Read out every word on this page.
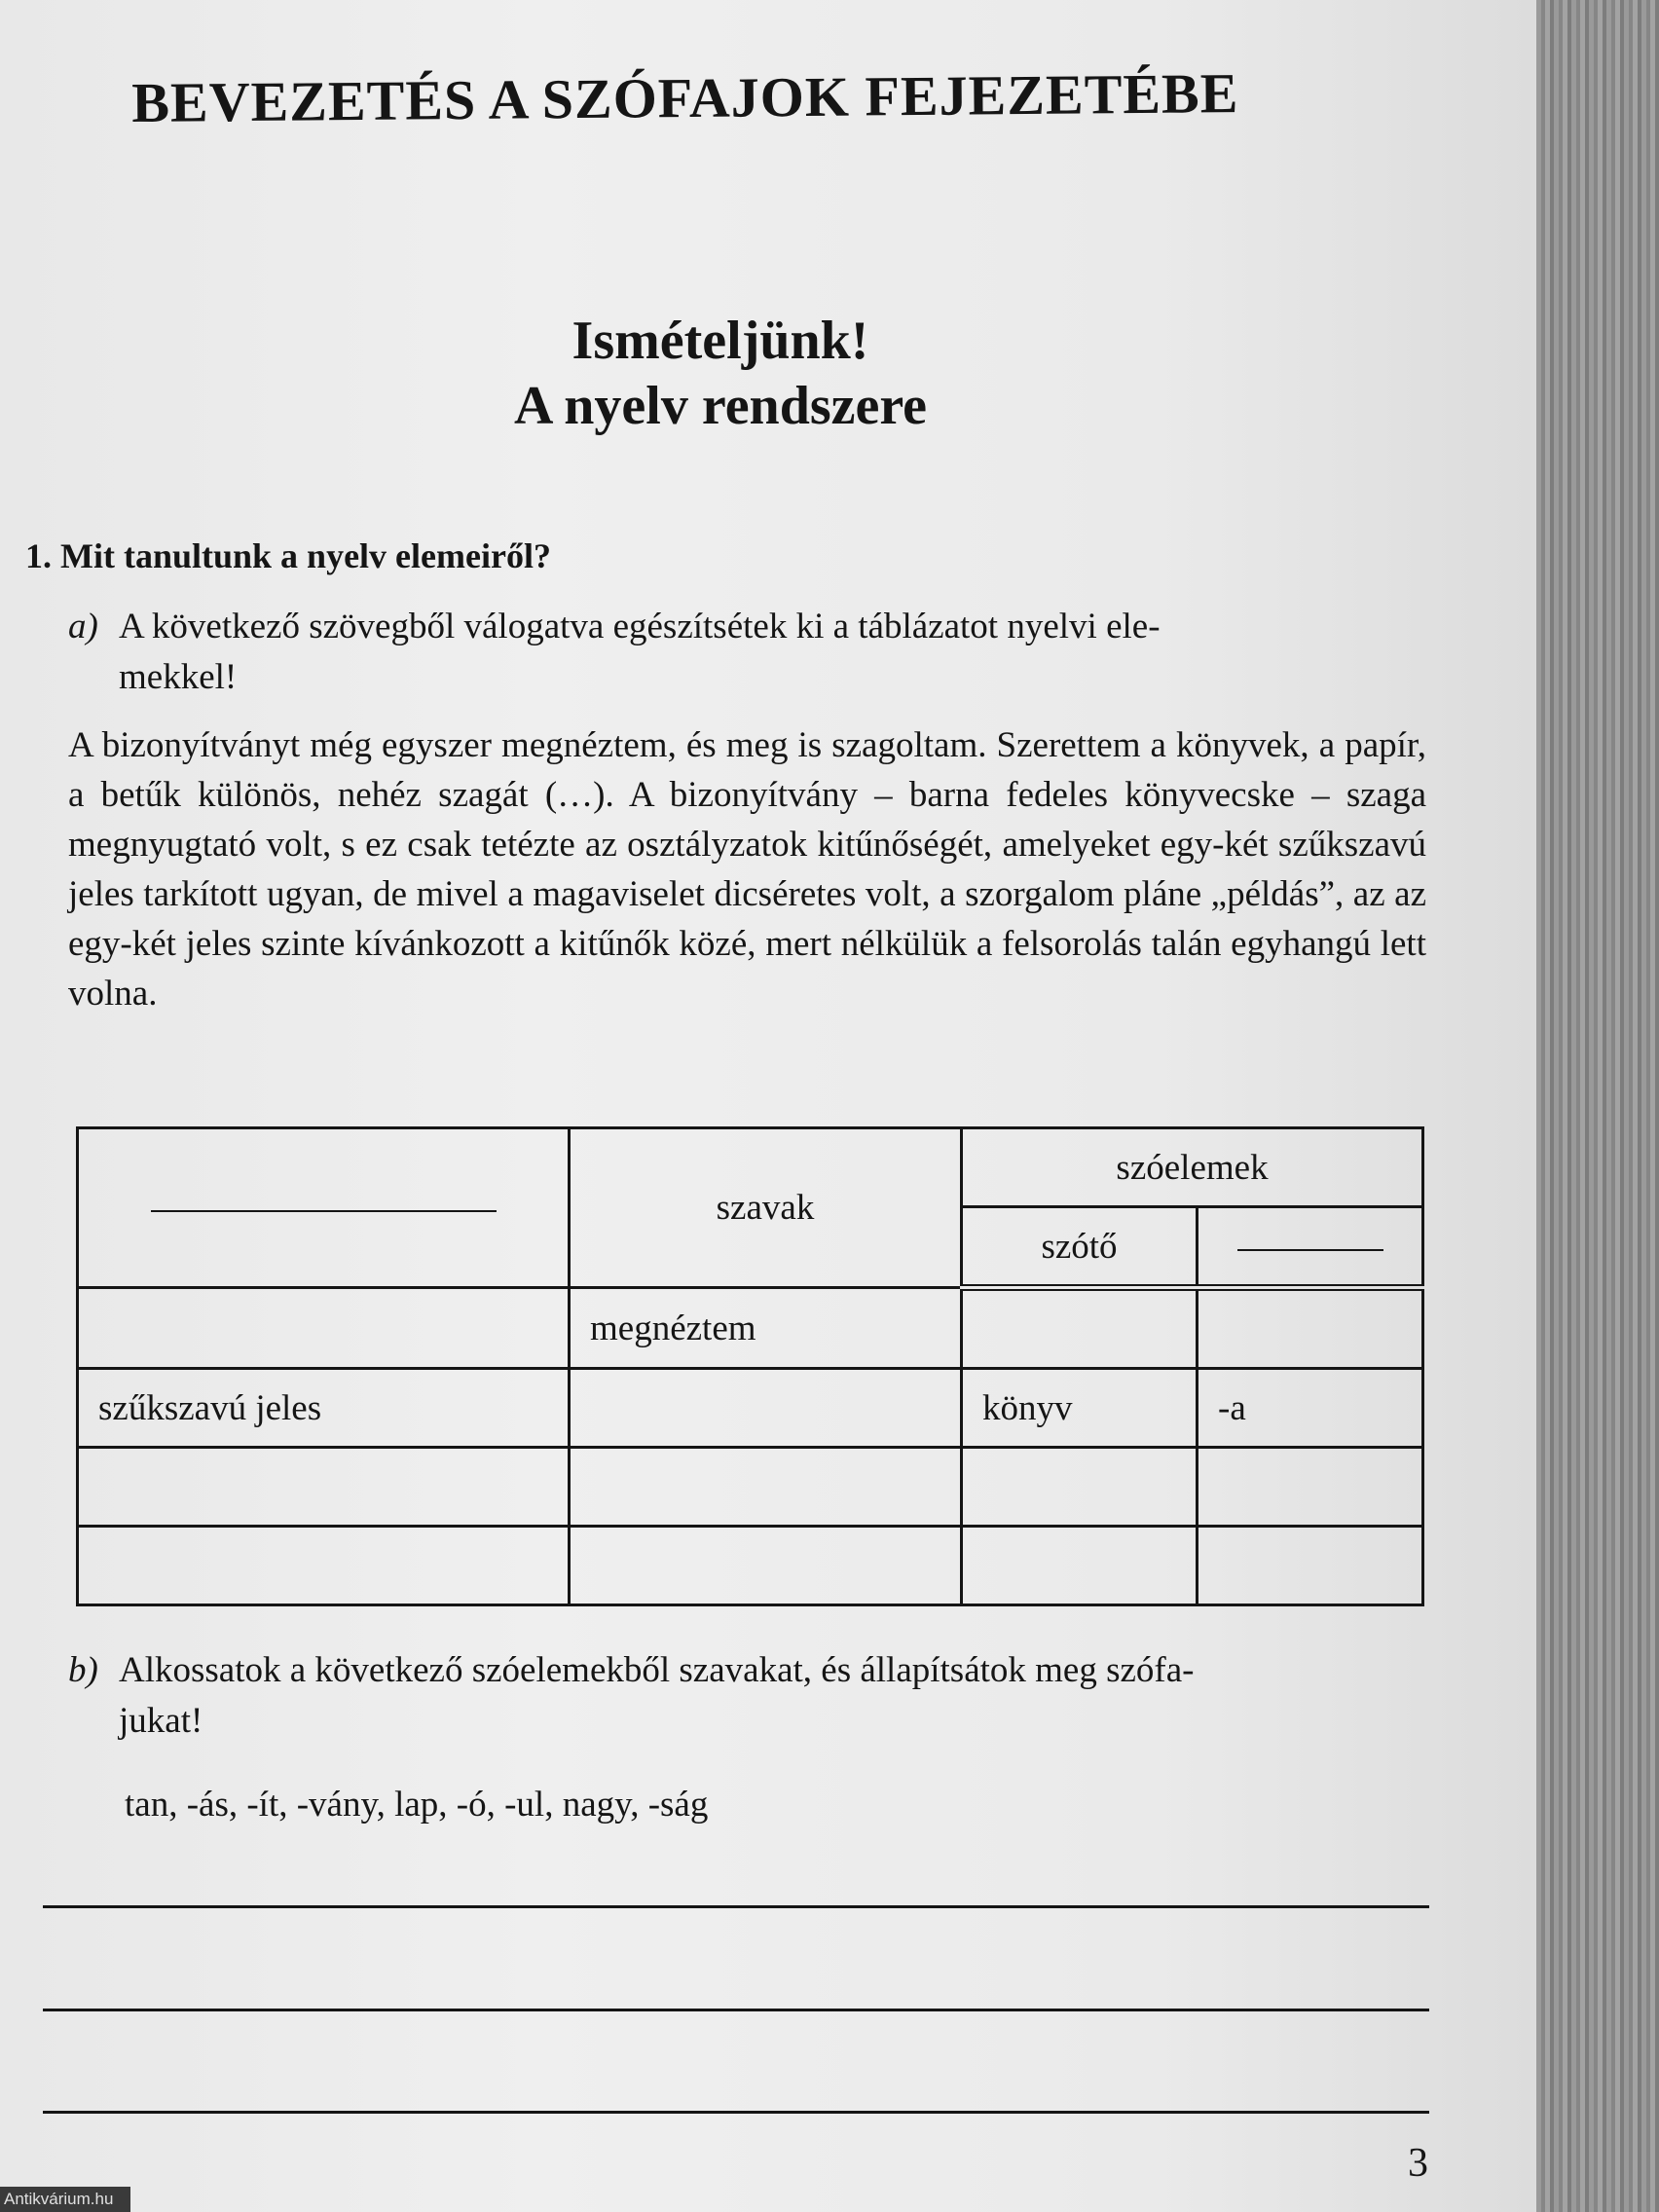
BEVEZETÉS A SZÓFAJOK FEJEZETÉBE
Ismételjünk!
A nyelv rendszere

1. Mit tanultunk a nyelv elemeiről?

a) A következő szövegből válogatva egészítsétek ki a táblázatot nyelvi ele-
mekkel!

A bizonyítványt még egyszer megnéztem, és meg is szagoltam. Szerettem a könyvek, a papír, a betűk különös, nehéz szagát (…). A bizonyítvány – barna fedeles könyvecske – szaga megnyugtató volt, s ez csak tetézte az osztályzatok kitűnőségét, amelyeket egy-két szűkszavú jeles tarkított ugyan, de mivel a magaviselet dicséretes volt, a szorgalom pláne „példás”, az az egy-két jeles szinte kívánkozott a kitűnők közé, mert nélkülük a felsorolás talán egyhangú lett volna.

	szavak	szóelemek	
		szótő	
	megnéztem		
szűkszavú jeles		könyv	-a

b) Alkossatok a következő szóelemekből szavakat, és állapítsátok meg szófa-
jukat!

tan, -ás, -ít, -vány, lap, -ó, -ul, nagy, -ság

3

Antikvárium.hu
